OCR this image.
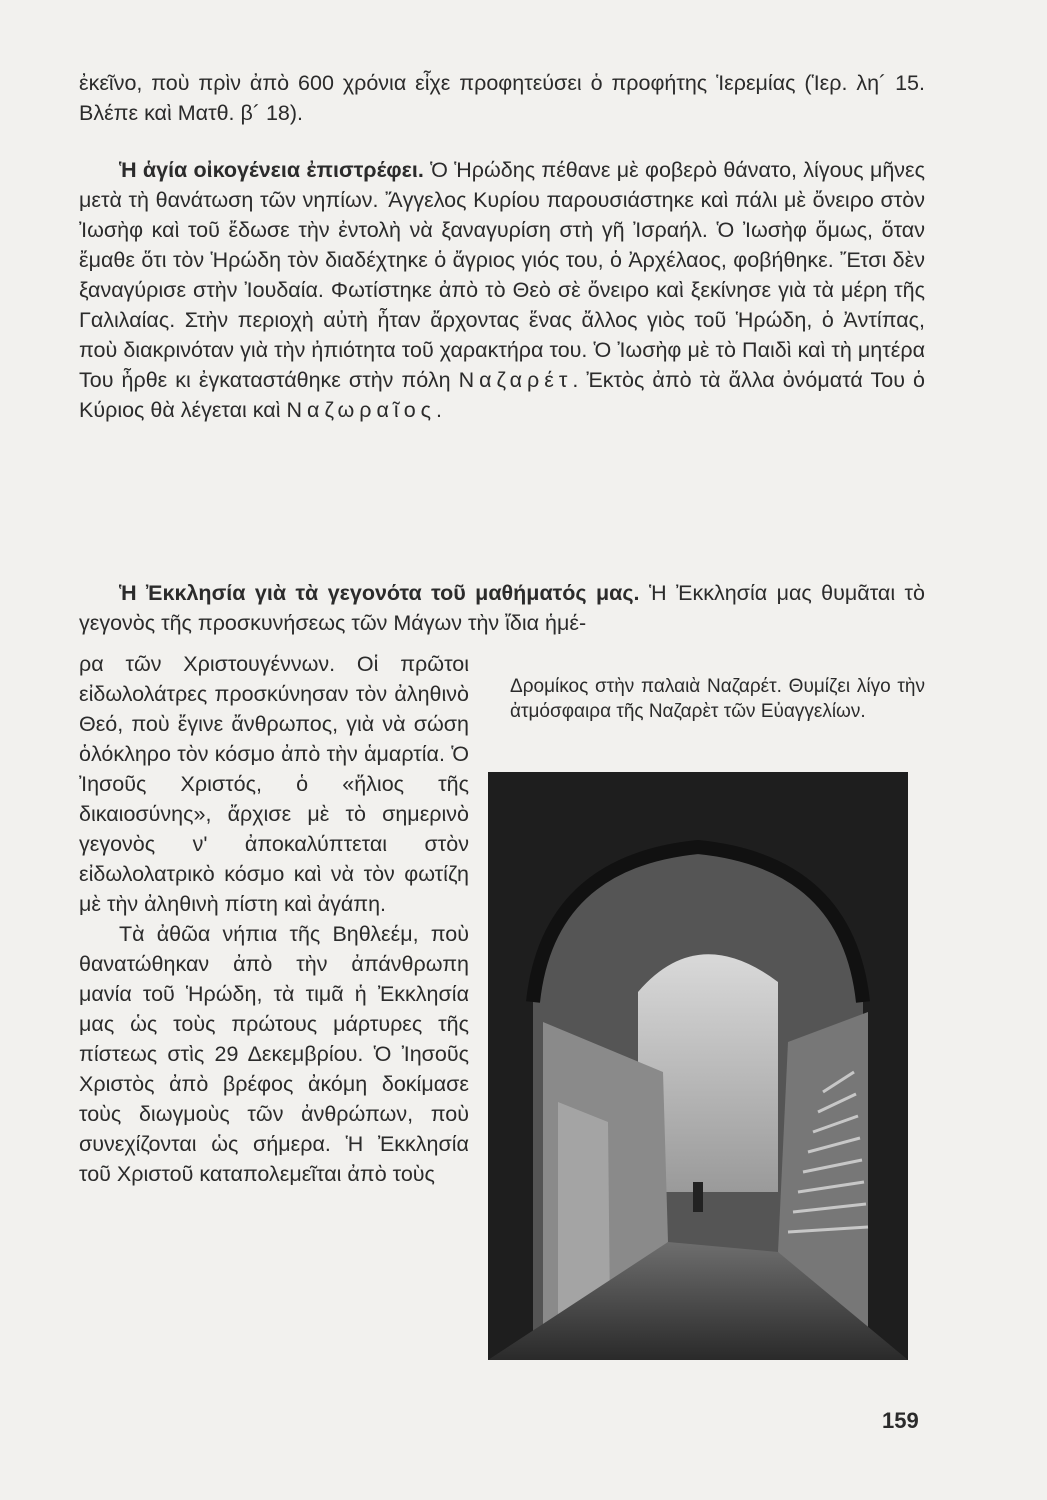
ἐκεῖνο, ποὺ πρὶν ἀπὸ 600 χρόνια εἶχε προφητεύσει ὁ προφήτης Ἱερεμίας (Ἱερ. λη´ 15. Βλέπε καὶ Ματθ. β´ 18).

Ἡ ἁγία οἰκογένεια ἐπιστρέφει. Ὁ Ἡρώδης πέθανε μὲ φοβερὸ θάνατο, λίγους μῆνες μετὰ τὴ θανάτωση τῶν νηπίων. Ἄγγελος Κυρίου παρουσιάστηκε καὶ πάλι μὲ ὄνειρο στὸν Ἰωσὴφ καὶ τοῦ ἔδωσε τὴν ἐντολὴ νὰ ξαναγυρίση στὴ γῆ Ἰσραήλ. Ὁ Ἰωσὴφ ὅμως, ὅταν ἔμαθε ὅτι τὸν Ἡρώδη τὸν διαδέχτηκε ὁ ἄγριος γιός του, ὁ Ἀρχέλαος, φοβήθηκε. Ἔτσι δὲν ξαναγύρισε στὴν Ἰουδαία. Φωτίστηκε ἀπὸ τὸ Θεὸ σὲ ὄνειρο καὶ ξεκίνησε γιὰ τὰ μέρη τῆς Γαλιλαίας. Στὴν περιοχὴ αὐτὴ ἦταν ἄρχοντας ἕνας ἄλλος γιὸς τοῦ Ἡρώδη, ὁ Ἀντίπας, ποὺ διακρινόταν γιὰ τὴν ἠπιότητα τοῦ χαρακτήρα του. Ὁ Ἰωσὴφ μὲ τὸ Παιδὶ καὶ τὴ μητέρα Του ἦρθε κι ἐγκαταστάθηκε στὴν πόλη Ναζαρέτ. Ἐκτὸς ἀπὸ τὰ ἄλλα ὀνόματά Του ὁ Κύριος θὰ λέγεται καὶ Ναζωραῖος.

Ἡ Ἐκκλησία γιὰ τὰ γεγονότα τοῦ μαθήματός μας. Ἡ Ἐκκλησία μας θυμᾶται τὸ γεγονὸς τῆς προσκυνήσεως τῶν Μάγων τὴν ἴδια ἡμέ-

ρα τῶν Χριστουγέννων. Οἱ πρῶτοι εἰδωλολάτρες προσκύνησαν τὸν ἀληθινὸ Θεό, ποὺ ἔγινε ἄνθρωπος, γιὰ νὰ σώση ὁλόκληρο τὸν κόσμο ἀπὸ τὴν ἁμαρτία. Ὁ Ἰησοῦς Χριστός, ὁ «ἥλιος τῆς δικαιοσύνης», ἄρχισε μὲ τὸ σημερινὸ γεγονὸς ν' ἀποκαλύπτεται στὸν εἰδωλολατρικὸ κόσμο καὶ νὰ τὸν φωτίζη μὲ τὴν ἀληθινὴ πίστη καὶ ἀγάπη.

Τὰ ἀθῶα νήπια τῆς Βηθλεέμ, ποὺ θανατώθηκαν ἀπὸ τὴν ἀπάνθρωπη μανία τοῦ Ἡρώδη, τὰ τιμᾶ ἡ Ἐκκλησία μας ὡς τοὺς πρώτους μάρτυρες τῆς πίστεως στὶς 29 Δεκεμβρίου. Ὁ Ἰησοῦς Χριστὸς ἀπὸ βρέφος ἀκόμη δοκίμασε τοὺς διωγμοὺς τῶν ἀνθρώπων, ποὺ συνεχίζονται ὡς σήμερα. Ἡ Ἐκκλησία τοῦ Χριστοῦ καταπολεμεῖται ἀπὸ τοὺς

Δρομίκος στὴν παλαιὰ Ναζαρέτ. Θυμίζει λίγο τὴν ἀτμόσφαιρα τῆς Ναζαρὲτ τῶν Εὐαγγελίων.

159
